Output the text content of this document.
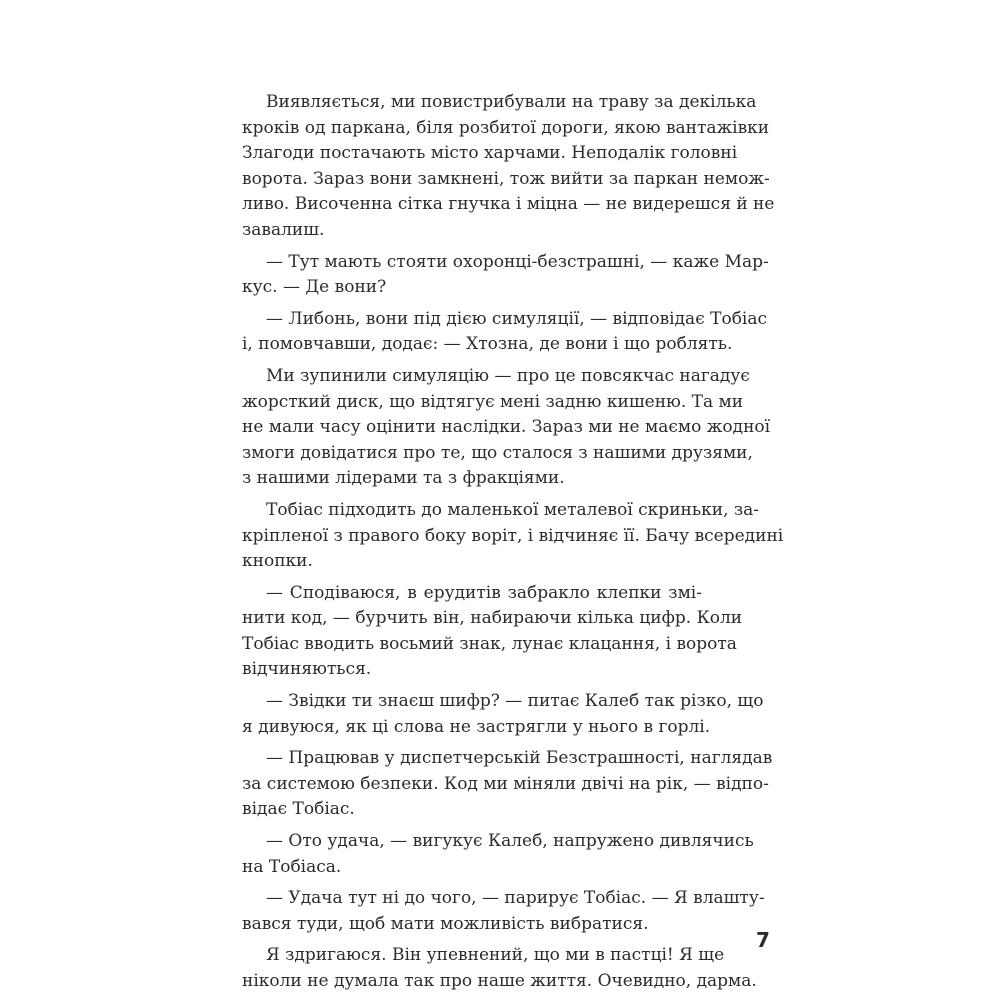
Виявляється, ми повистрибували на траву за декілька
кроків од паркана, біля розбитої дороги, якою вантажівки
Злагоди постачають місто харчами. Неподалік головні
ворота. Зараз вони замкнені, тож вийти за паркан немож-
ливо. Височенна сітка гнучка і міцна — не видерешся й не
завалиш.
— Тут мають стояти охоронці-безстрашні, — каже Мар-
кус. — Де вони?
— Либонь, вони під дією симуляції, — відповідає Тобіас
і, помовчавши, додає: — Хтозна, де вони і що роблять.
Ми зупинили симуляцію — про це повсякчас нагадує
жорсткий диск, що відтягує мені задню кишеню. Та ми
не мали часу оцінити наслідки. Зараз ми не маємо жодної
змоги довідатися про те, що сталося з нашими друзями,
з нашими лідерами та з фракціями.
Тобіас підходить до маленької металевої скриньки, за-
кріпленої з правого боку воріт, і відчиняє її. Бачу всередині
кнопки.
— Сподіваюся, в ерудитів забракло клепки змі-
нити код, — бурчить він, набираючи кілька цифр. Коли
Тобіас вводить восьмий знак, лунає клацання, і ворота
відчиняються.
— Звідки ти знаєш шифр? — питає Калеб так різко, що
я дивуюся, як ці слова не застрягли у нього в горлі.
— Працював у диспетчерській Безстрашності, наглядав
за системою безпеки. Код ми міняли двічі на рік, — відпо-
відає Тобіас.
— Ото удача, — вигукує Калеб, напружено дивлячись
на Тобіаса.
— Удача тут ні до чого, — парирує Тобіас. — Я влашту-
вався туди, щоб мати можливість вибратися.
Я здригаюся. Він упевнений, що ми в пастці! Я ще
ніколи не думала так про наше життя. Очевидно, дарма.
7
